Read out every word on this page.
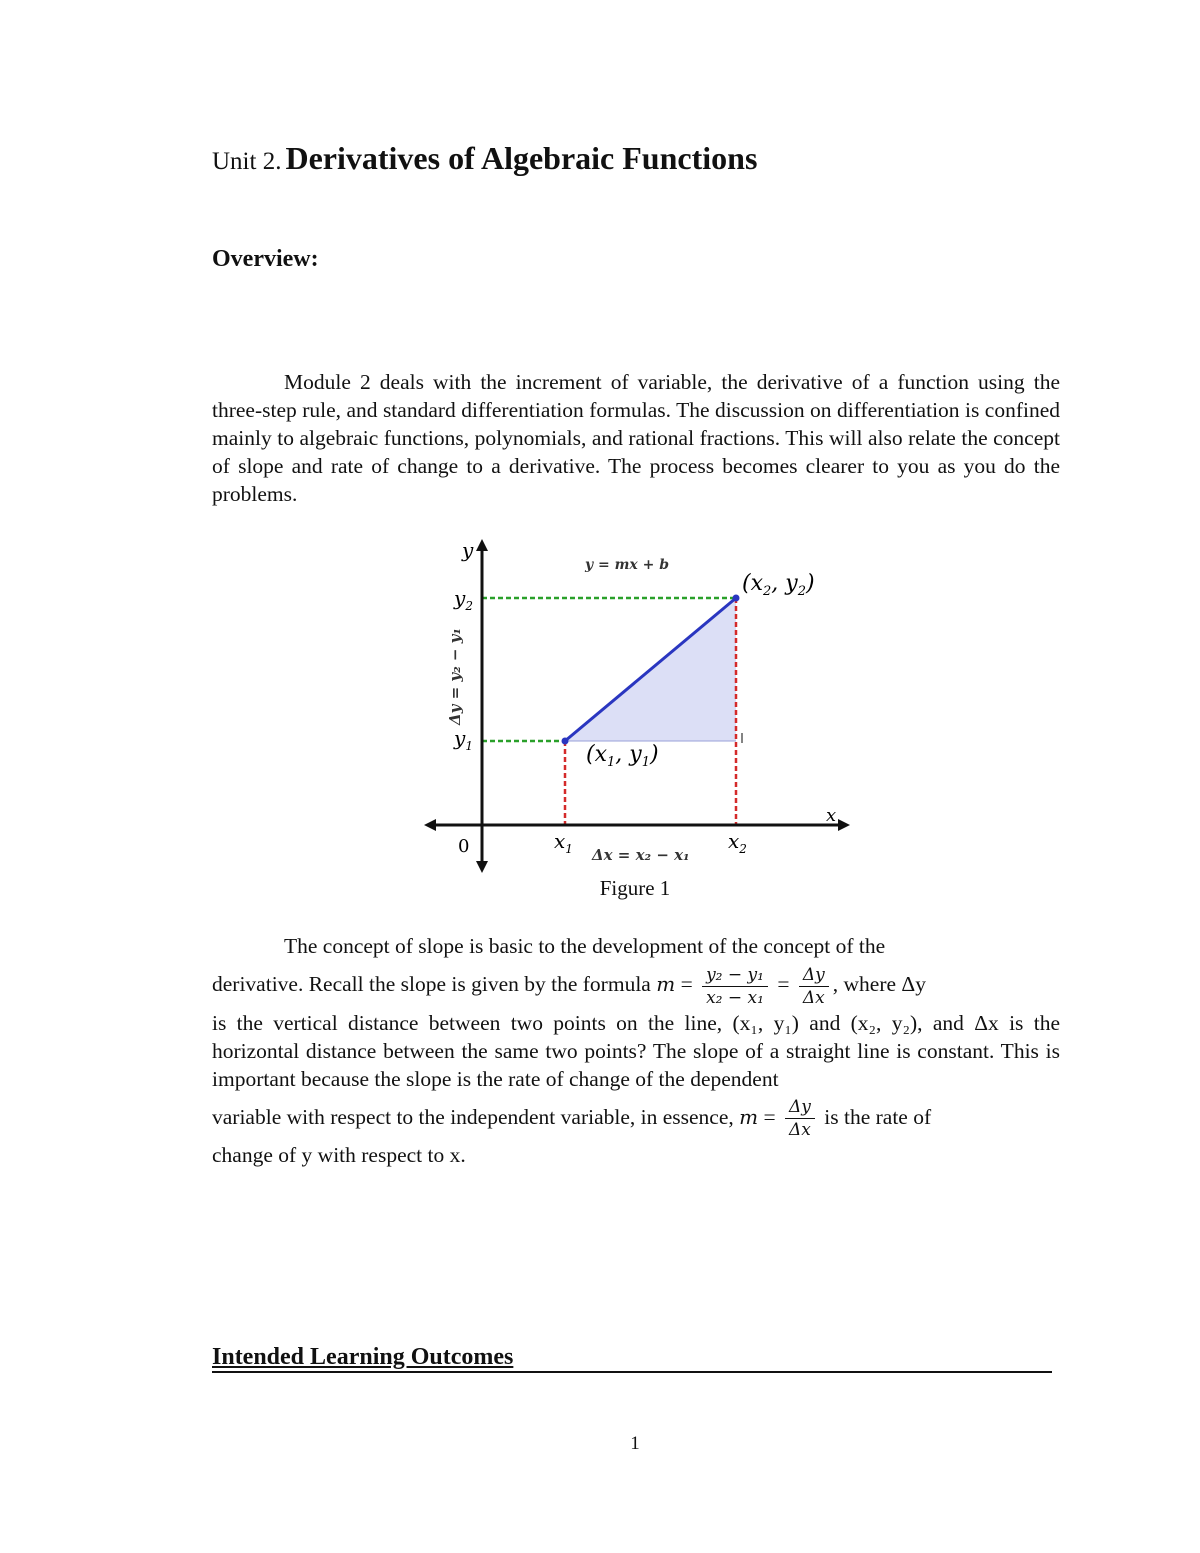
Unit 2. Derivatives of Algebraic Functions
Overview:

Module 2 deals with the increment of variable, the derivative of a function using the three-step rule, and standard differentiation formulas. The discussion on differentiation is confined mainly to algebraic functions, polynomials, and rational fractions. This will also relate the concept of slope and rate of change to a derivative. The process becomes clearer to you as you do the problems.

y
x
0
y = mx + b
$y_2$
$y_1$
$x_1$	$x_2$
($x_1$, $y_1$)
($x_2$, $y_2$)
Δx = x₂ − x₁
Δy = y₂ − y₁
Figure 1

The concept of slope is basic to the development of the concept of the

derivative. Recall the slope is given by the formula $m = \frac{\text{y₂ − y₁}}{\text{x₂ − x₁}} = \frac{\Delta y}{\Delta x}$ , where Δy

is the vertical distance between two points on the line, (x₁, y₁) and (x₂, y₂), and Δx is the horizontal distance between the same two points? The slope of a straight line is constant. This is important because the slope is the rate of change of the dependent

variable with respect to the independent variable, in essence, $m = \frac{\Delta y}{\Delta x}$ is the rate of

change of y with respect to x.

Intended Learning Outcomes
1
